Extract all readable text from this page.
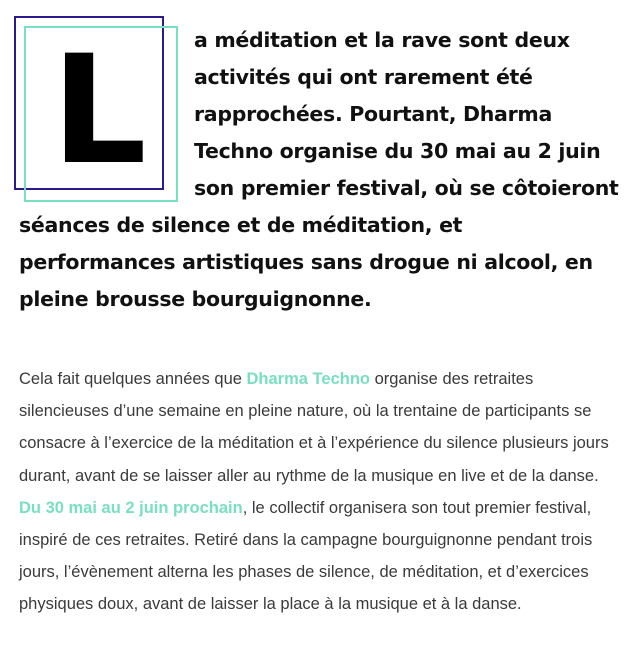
L	a méditation et la rave sont deux activités qui ont rarement été rapprochées. Pourtant, Dharma Techno organise du 30 mai au 2 juin son premier festival, où se côtoieront séances de silence et de méditation, et performances artistiques sans drogue ni alcool, en pleine brousse bourguignonne.

Cela fait quelques années que Dharma Techno organise des retraites silencieuses d’une semaine en pleine nature, où la trentaine de participants se consacre à l’exercice de la méditation et à l’expérience du silence plusieurs jours durant, avant de se laisser aller au rythme de la musique en live et de la danse. Du 30 mai au 2 juin prochain, le collectif organisera son tout premier festival, inspiré de ces retraites. Retiré dans la campagne bourguignonne pendant trois jours, l’évènement alterna les phases de silence, de méditation, et d’exercices physiques doux, avant de laisser la place à la musique et à la danse.
